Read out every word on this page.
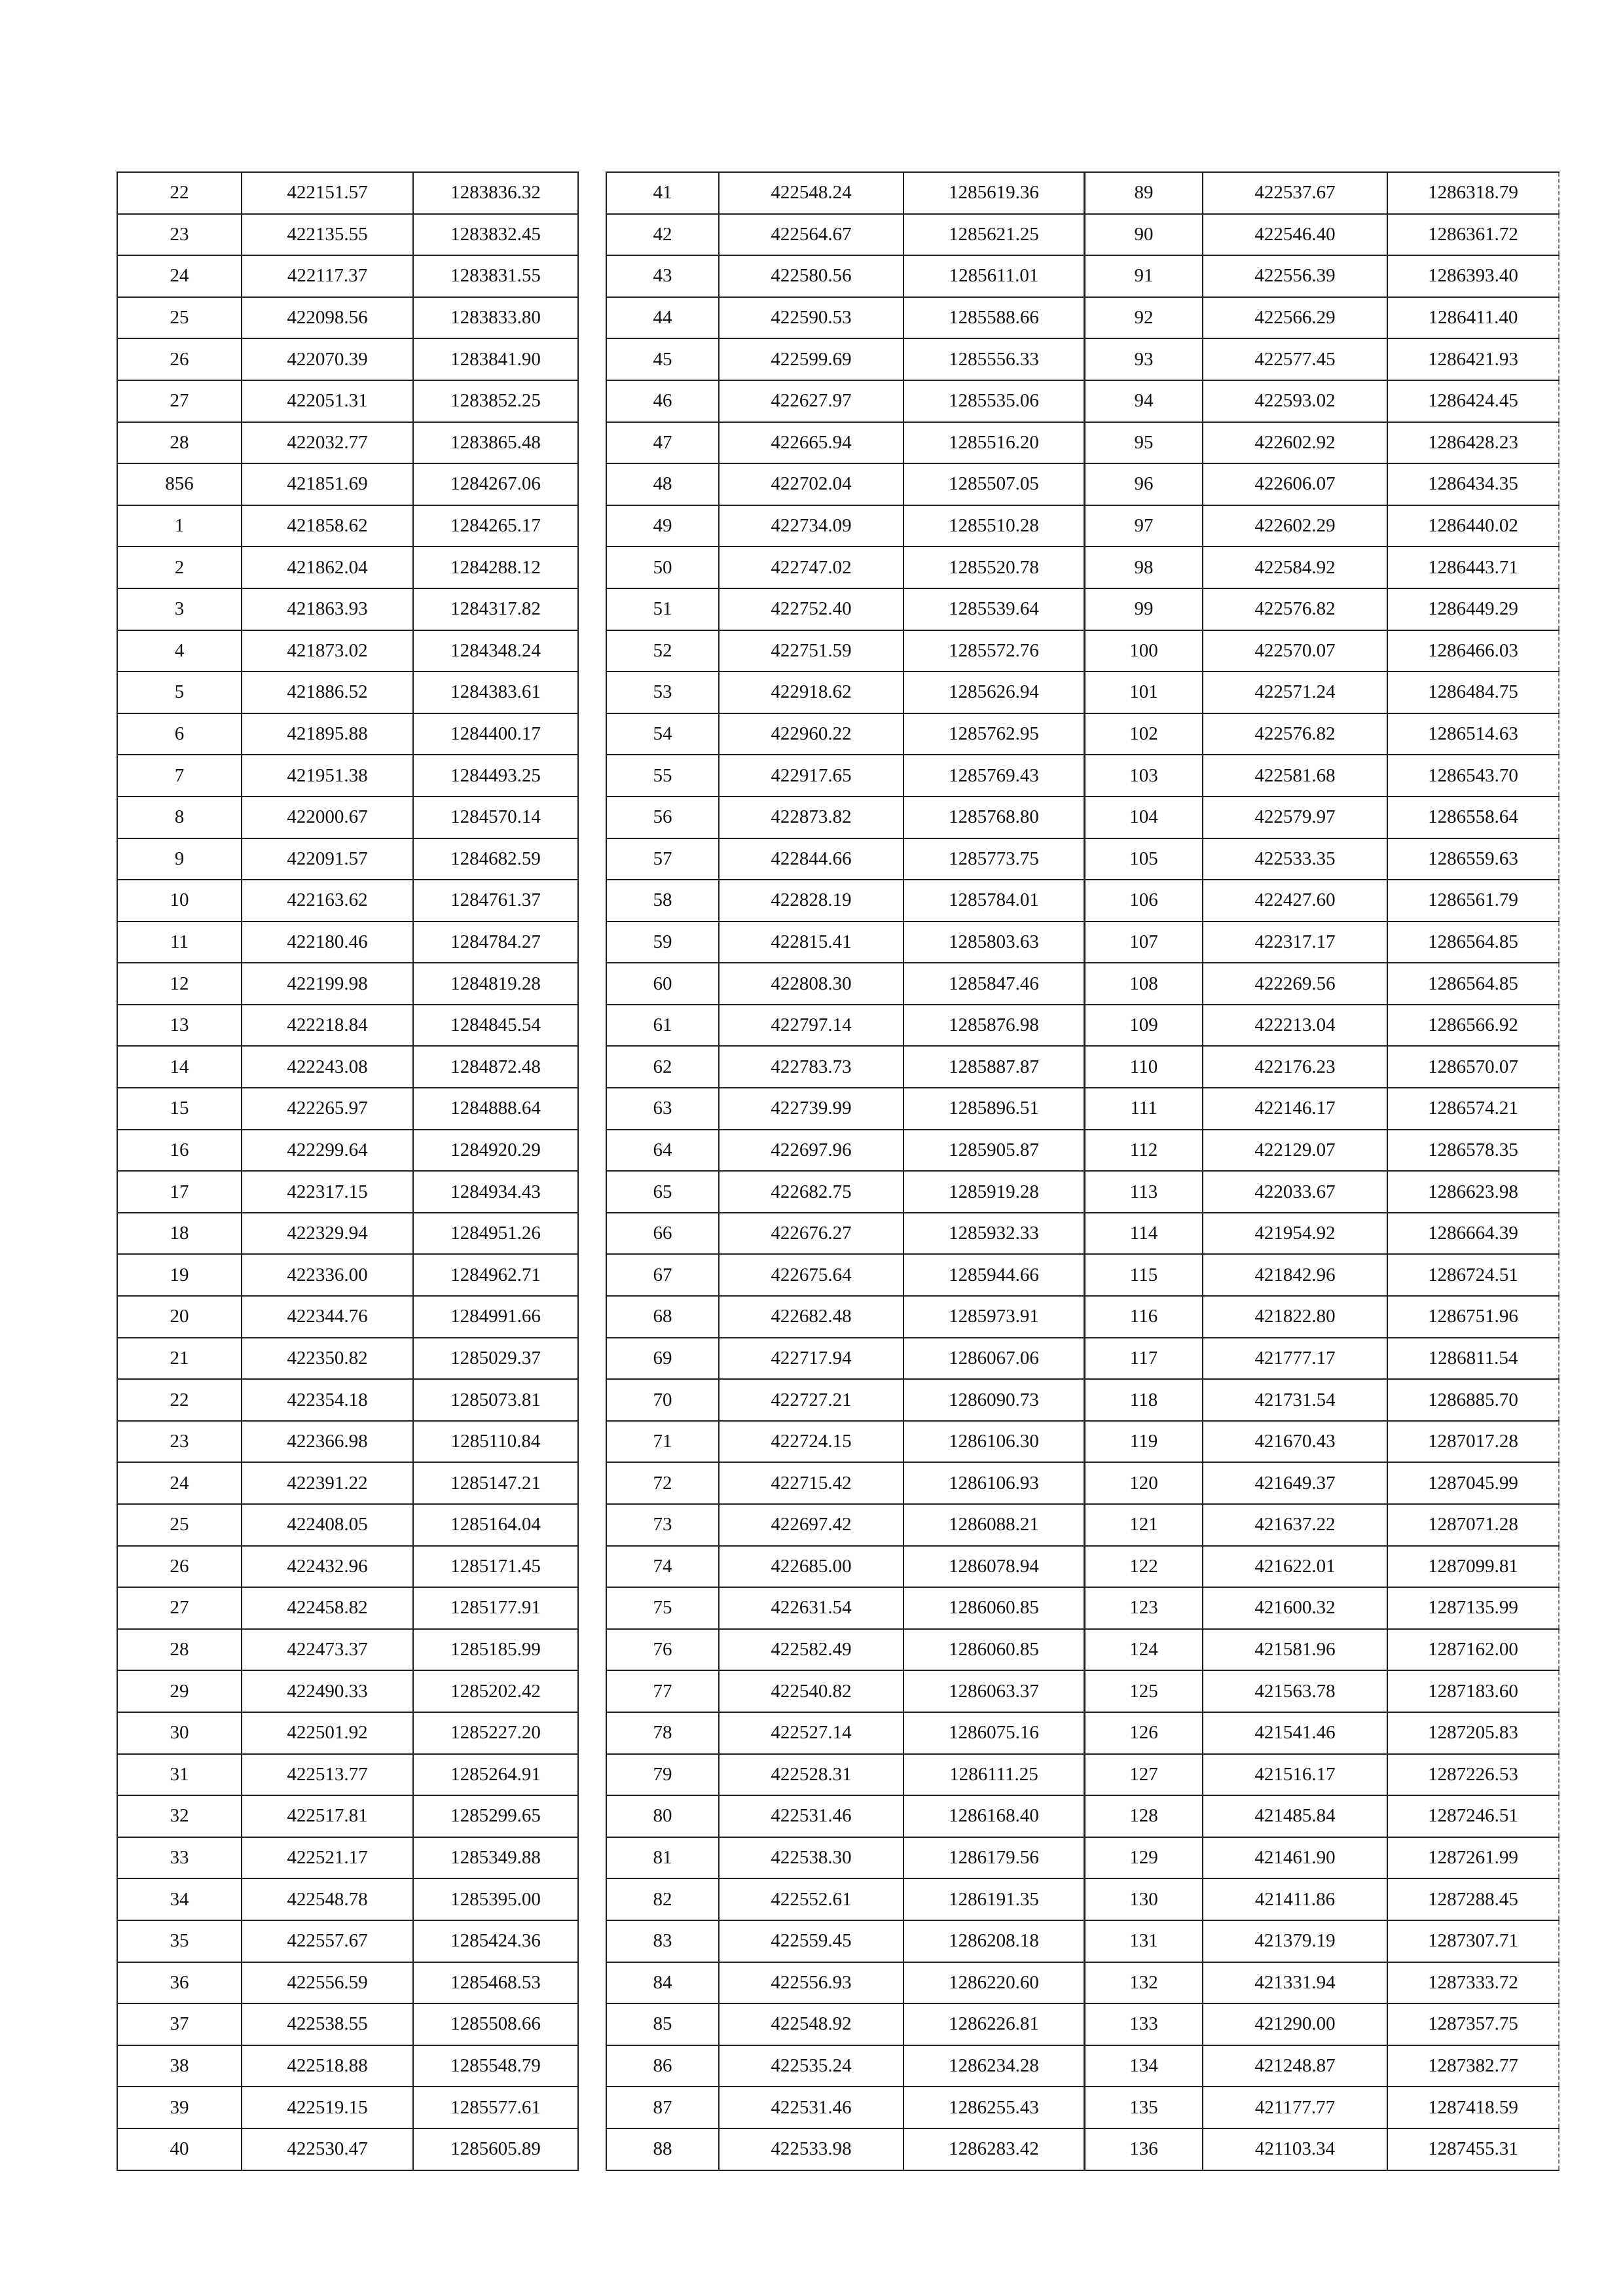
22	422151.57	1283836.32
23	422135.55	1283832.45
24	422117.37	1283831.55
25	422098.56	1283833.80
26	422070.39	1283841.90
27	422051.31	1283852.25
28	422032.77	1283865.48
856	421851.69	1284267.06
1	421858.62	1284265.17
2	421862.04	1284288.12
3	421863.93	1284317.82
4	421873.02	1284348.24
5	421886.52	1284383.61
6	421895.88	1284400.17
7	421951.38	1284493.25
8	422000.67	1284570.14
9	422091.57	1284682.59
10	422163.62	1284761.37
11	422180.46	1284784.27
12	422199.98	1284819.28
13	422218.84	1284845.54
14	422243.08	1284872.48
15	422265.97	1284888.64
16	422299.64	1284920.29
17	422317.15	1284934.43
18	422329.94	1284951.26
19	422336.00	1284962.71
20	422344.76	1284991.66
21	422350.82	1285029.37
22	422354.18	1285073.81
23	422366.98	1285110.84
24	422391.22	1285147.21
25	422408.05	1285164.04
26	422432.96	1285171.45
27	422458.82	1285177.91
28	422473.37	1285185.99
29	422490.33	1285202.42
30	422501.92	1285227.20
31	422513.77	1285264.91
32	422517.81	1285299.65
33	422521.17	1285349.88
34	422548.78	1285395.00
35	422557.67	1285424.36
36	422556.59	1285468.53
37	422538.55	1285508.66
38	422518.88	1285548.79
39	422519.15	1285577.61
40	422530.47	1285605.89
41	422548.24	1285619.36
42	422564.67	1285621.25
43	422580.56	1285611.01
44	422590.53	1285588.66
45	422599.69	1285556.33
46	422627.97	1285535.06
47	422665.94	1285516.20
48	422702.04	1285507.05
49	422734.09	1285510.28
50	422747.02	1285520.78
51	422752.40	1285539.64
52	422751.59	1285572.76
53	422918.62	1285626.94
54	422960.22	1285762.95
55	422917.65	1285769.43
56	422873.82	1285768.80
57	422844.66	1285773.75
58	422828.19	1285784.01
59	422815.41	1285803.63
60	422808.30	1285847.46
61	422797.14	1285876.98
62	422783.73	1285887.87
63	422739.99	1285896.51
64	422697.96	1285905.87
65	422682.75	1285919.28
66	422676.27	1285932.33
67	422675.64	1285944.66
68	422682.48	1285973.91
69	422717.94	1286067.06
70	422727.21	1286090.73
71	422724.15	1286106.30
72	422715.42	1286106.93
73	422697.42	1286088.21
74	422685.00	1286078.94
75	422631.54	1286060.85
76	422582.49	1286060.85
77	422540.82	1286063.37
78	422527.14	1286075.16
79	422528.31	1286111.25
80	422531.46	1286168.40
81	422538.30	1286179.56
82	422552.61	1286191.35
83	422559.45	1286208.18
84	422556.93	1286220.60
85	422548.92	1286226.81
86	422535.24	1286234.28
87	422531.46	1286255.43
88	422533.98	1286283.42
89	422537.67	1286318.79
90	422546.40	1286361.72
91	422556.39	1286393.40
92	422566.29	1286411.40
93	422577.45	1286421.93
94	422593.02	1286424.45
95	422602.92	1286428.23
96	422606.07	1286434.35
97	422602.29	1286440.02
98	422584.92	1286443.71
99	422576.82	1286449.29
100	422570.07	1286466.03
101	422571.24	1286484.75
102	422576.82	1286514.63
103	422581.68	1286543.70
104	422579.97	1286558.64
105	422533.35	1286559.63
106	422427.60	1286561.79
107	422317.17	1286564.85
108	422269.56	1286564.85
109	422213.04	1286566.92
110	422176.23	1286570.07
111	422146.17	1286574.21
112	422129.07	1286578.35
113	422033.67	1286623.98
114	421954.92	1286664.39
115	421842.96	1286724.51
116	421822.80	1286751.96
117	421777.17	1286811.54
118	421731.54	1286885.70
119	421670.43	1287017.28
120	421649.37	1287045.99
121	421637.22	1287071.28
122	421622.01	1287099.81
123	421600.32	1287135.99
124	421581.96	1287162.00
125	421563.78	1287183.60
126	421541.46	1287205.83
127	421516.17	1287226.53
128	421485.84	1287246.51
129	421461.90	1287261.99
130	421411.86	1287288.45
131	421379.19	1287307.71
132	421331.94	1287333.72
133	421290.00	1287357.75
134	421248.87	1287382.77
135	421177.77	1287418.59
136	421103.34	1287455.31
